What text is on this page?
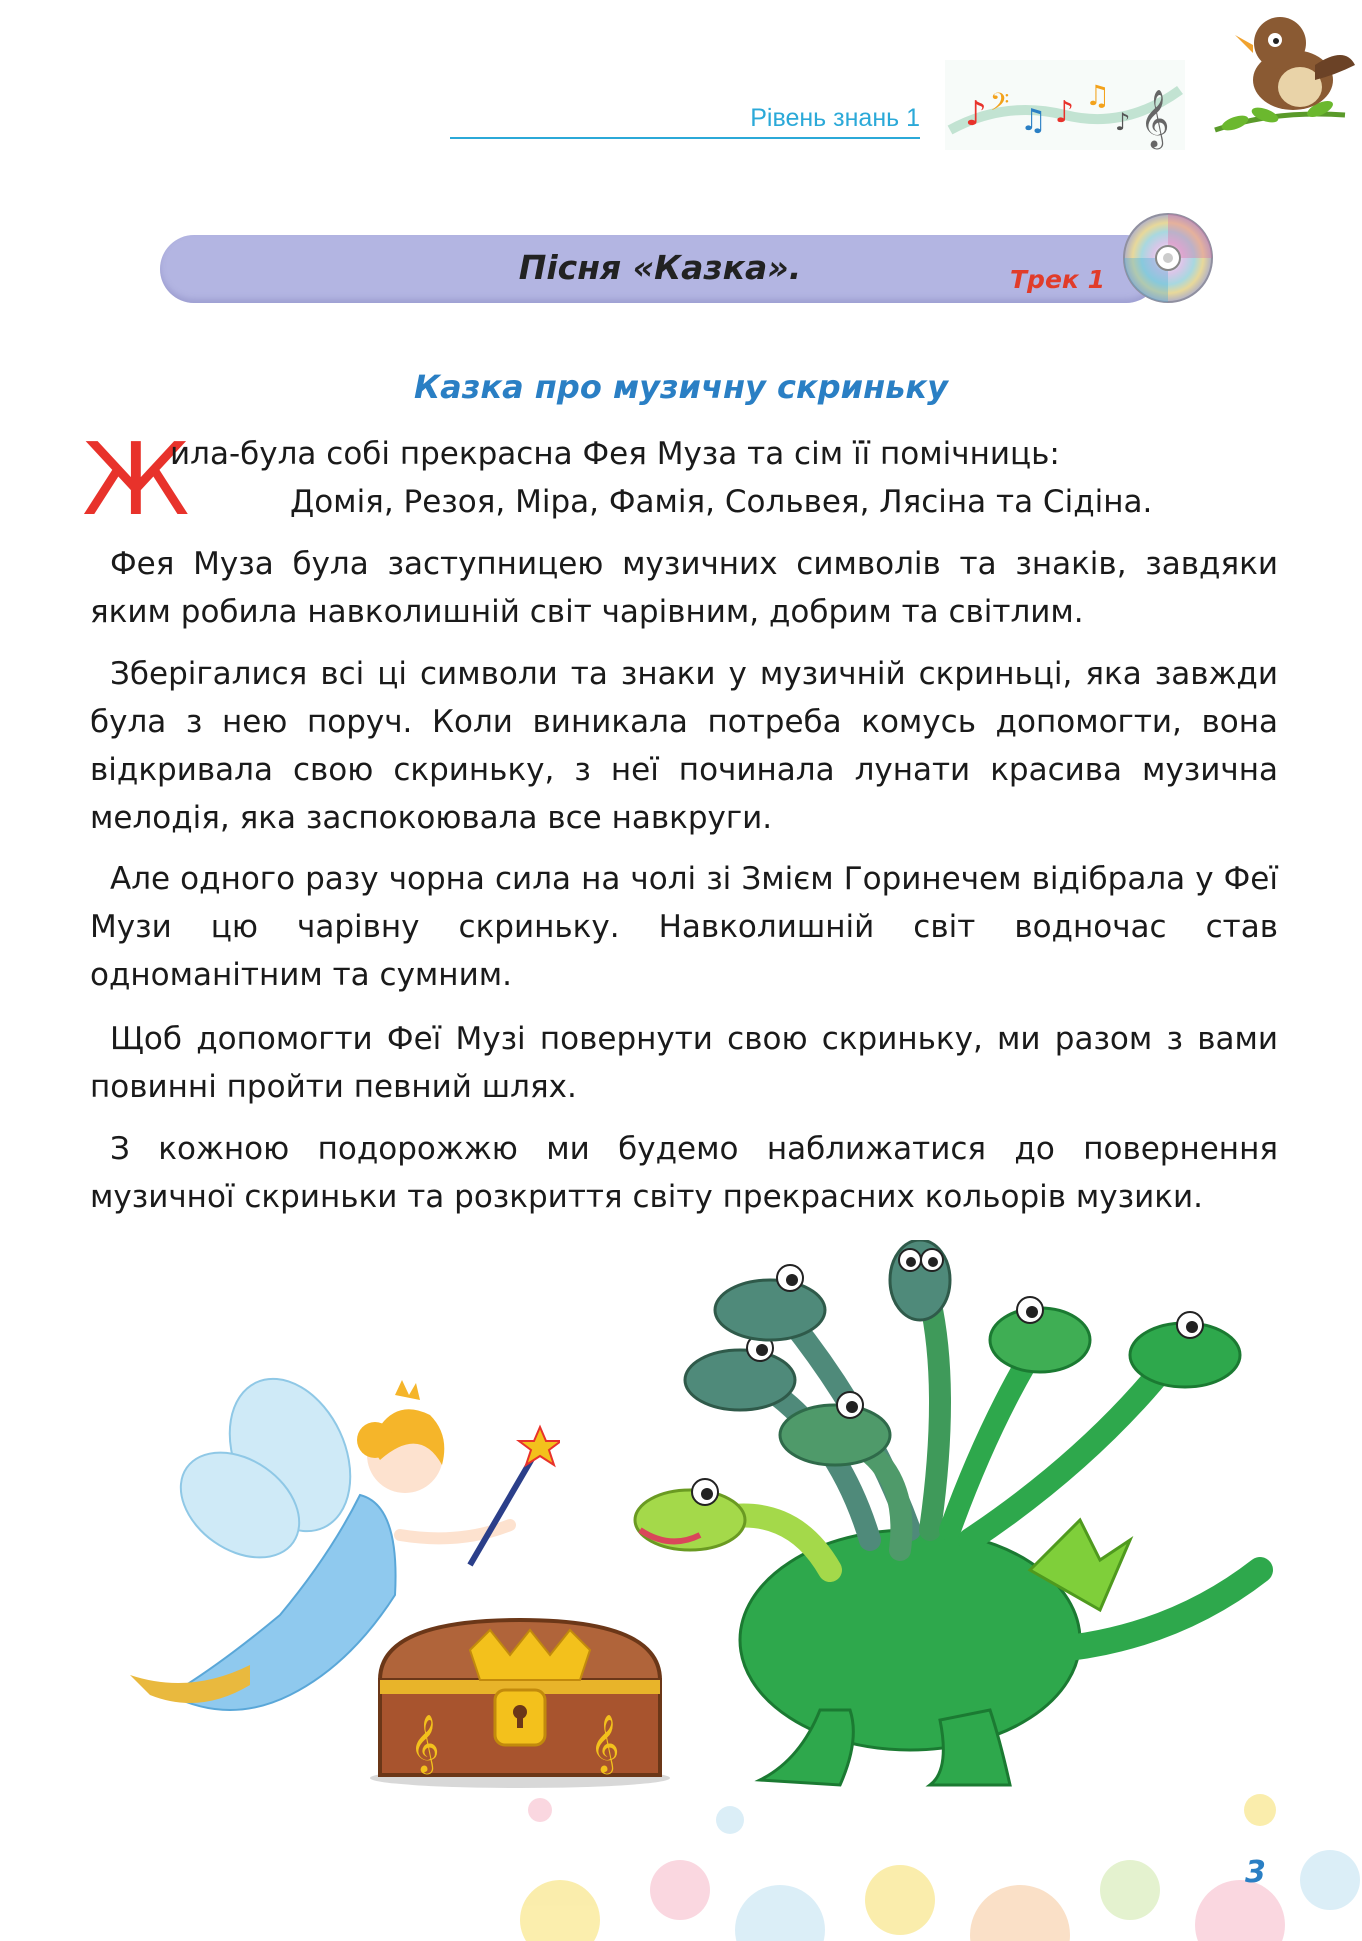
Рівень знань 1 ♪ 𝄢 ♫ ♪ ♫
♪ 𝄞
Пісня «Казка».	Трек 1
Казка про музичну скриньку
Ж
ила-була собі прекрасна Фея Муза та сім її помічниць:
Домія, Резоя, Міра, Фамія, Сольвея, Лясіна та Сідіна.
Фея Муза була заступницею музичних символів та знаків, завдяки яким робила навколишній світ чарівним, добрим та світлим.
Зберігалися всі ці символи та знаки у музичній скриньці, яка завжди була з нею поруч. Коли виникала потреба комусь допомогти, вона відкривала свою скриньку, з неї починала лунати красива музична мелодія, яка заспокоювала все навкруги.
Але одного разу чорна сила на чолі зі Змієм Горинечем відібрала у Феї Музи цю чарівну скриньку. Навколишній світ водночас став одноманітним та сумним.
Щоб допомогти Феї Музі повернути свою скриньку, ми разом з вами повинні пройти певний шлях.
З кожною подорожжю ми будемо наближатися до повернення музичної скриньки та розкриття світу прекрасних кольорів музики.
𝄞	𝄞
3
